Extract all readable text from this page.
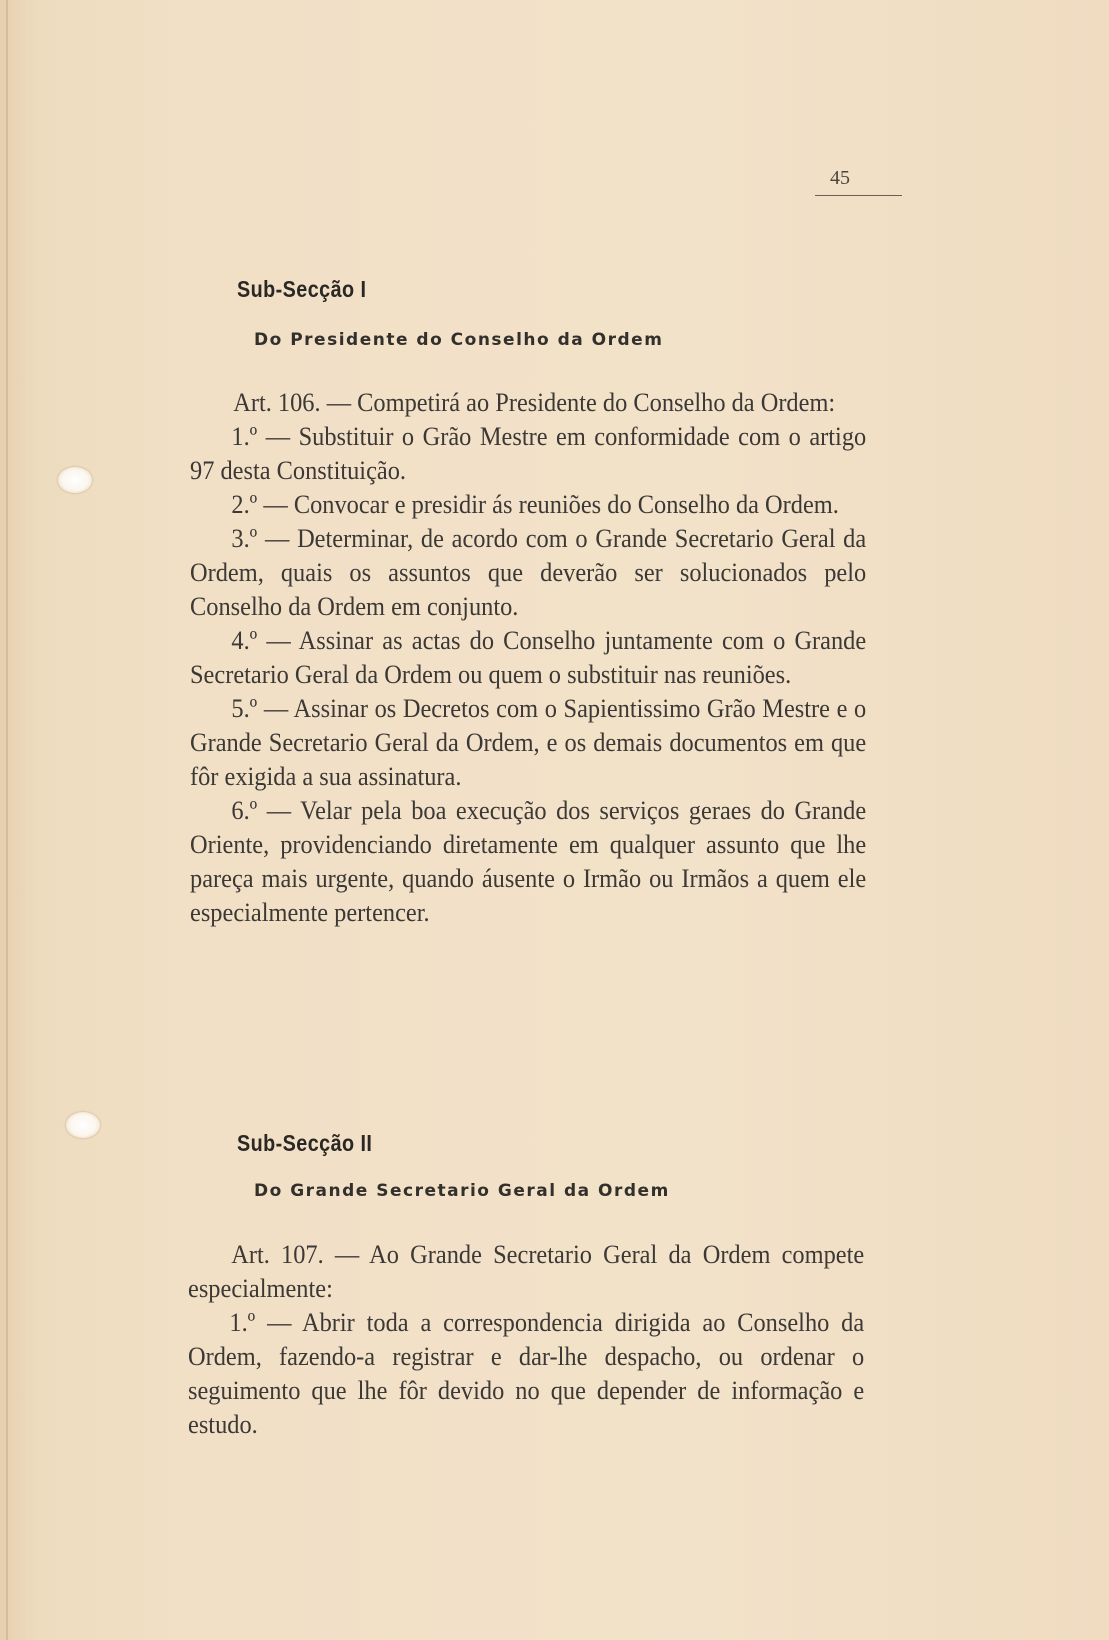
45
Sub-Secção I
Do Presidente do Conselho da Ordem

Art. 106. — Competirá ao Presidente do Conselho da Ordem:

1.º — Substituir o Grão Mestre em conformidade com o artigo 97 desta Constituição.

2.º — Convocar e presidir ás reuniões do Conselho da Ordem.

3.º — Determinar, de acordo com o Grande Secretario Geral da Ordem, quais os assuntos que deverão ser solucionados pelo Conselho da Ordem em conjunto.

4.º — Assinar as actas do Conselho juntamente com o Grande Secretario Geral da Ordem ou quem o substituir nas reuniões.

5.º — Assinar os Decretos com o Sapientissimo Grão Mestre e o Grande Secretario Geral da Ordem, e os demais documentos em que fôr exigida a sua assinatura.

6.º — Velar pela boa execução dos serviços geraes do Grande Oriente, providenciando diretamente em qualquer assunto que lhe pareça mais urgente, quando áusente o Irmão ou Irmãos a quem ele especialmente pertencer.

Sub-Secção II
Do Grande Secretario Geral da Ordem

Art. 107. — Ao Grande Secretario Geral da Ordem compete especialmente:

1.º — Abrir toda a correspondencia dirigida ao Conselho da Ordem, fazendo-a registrar e dar-lhe despacho, ou ordenar o seguimento que lhe fôr devido no que depender de informação e estudo.
